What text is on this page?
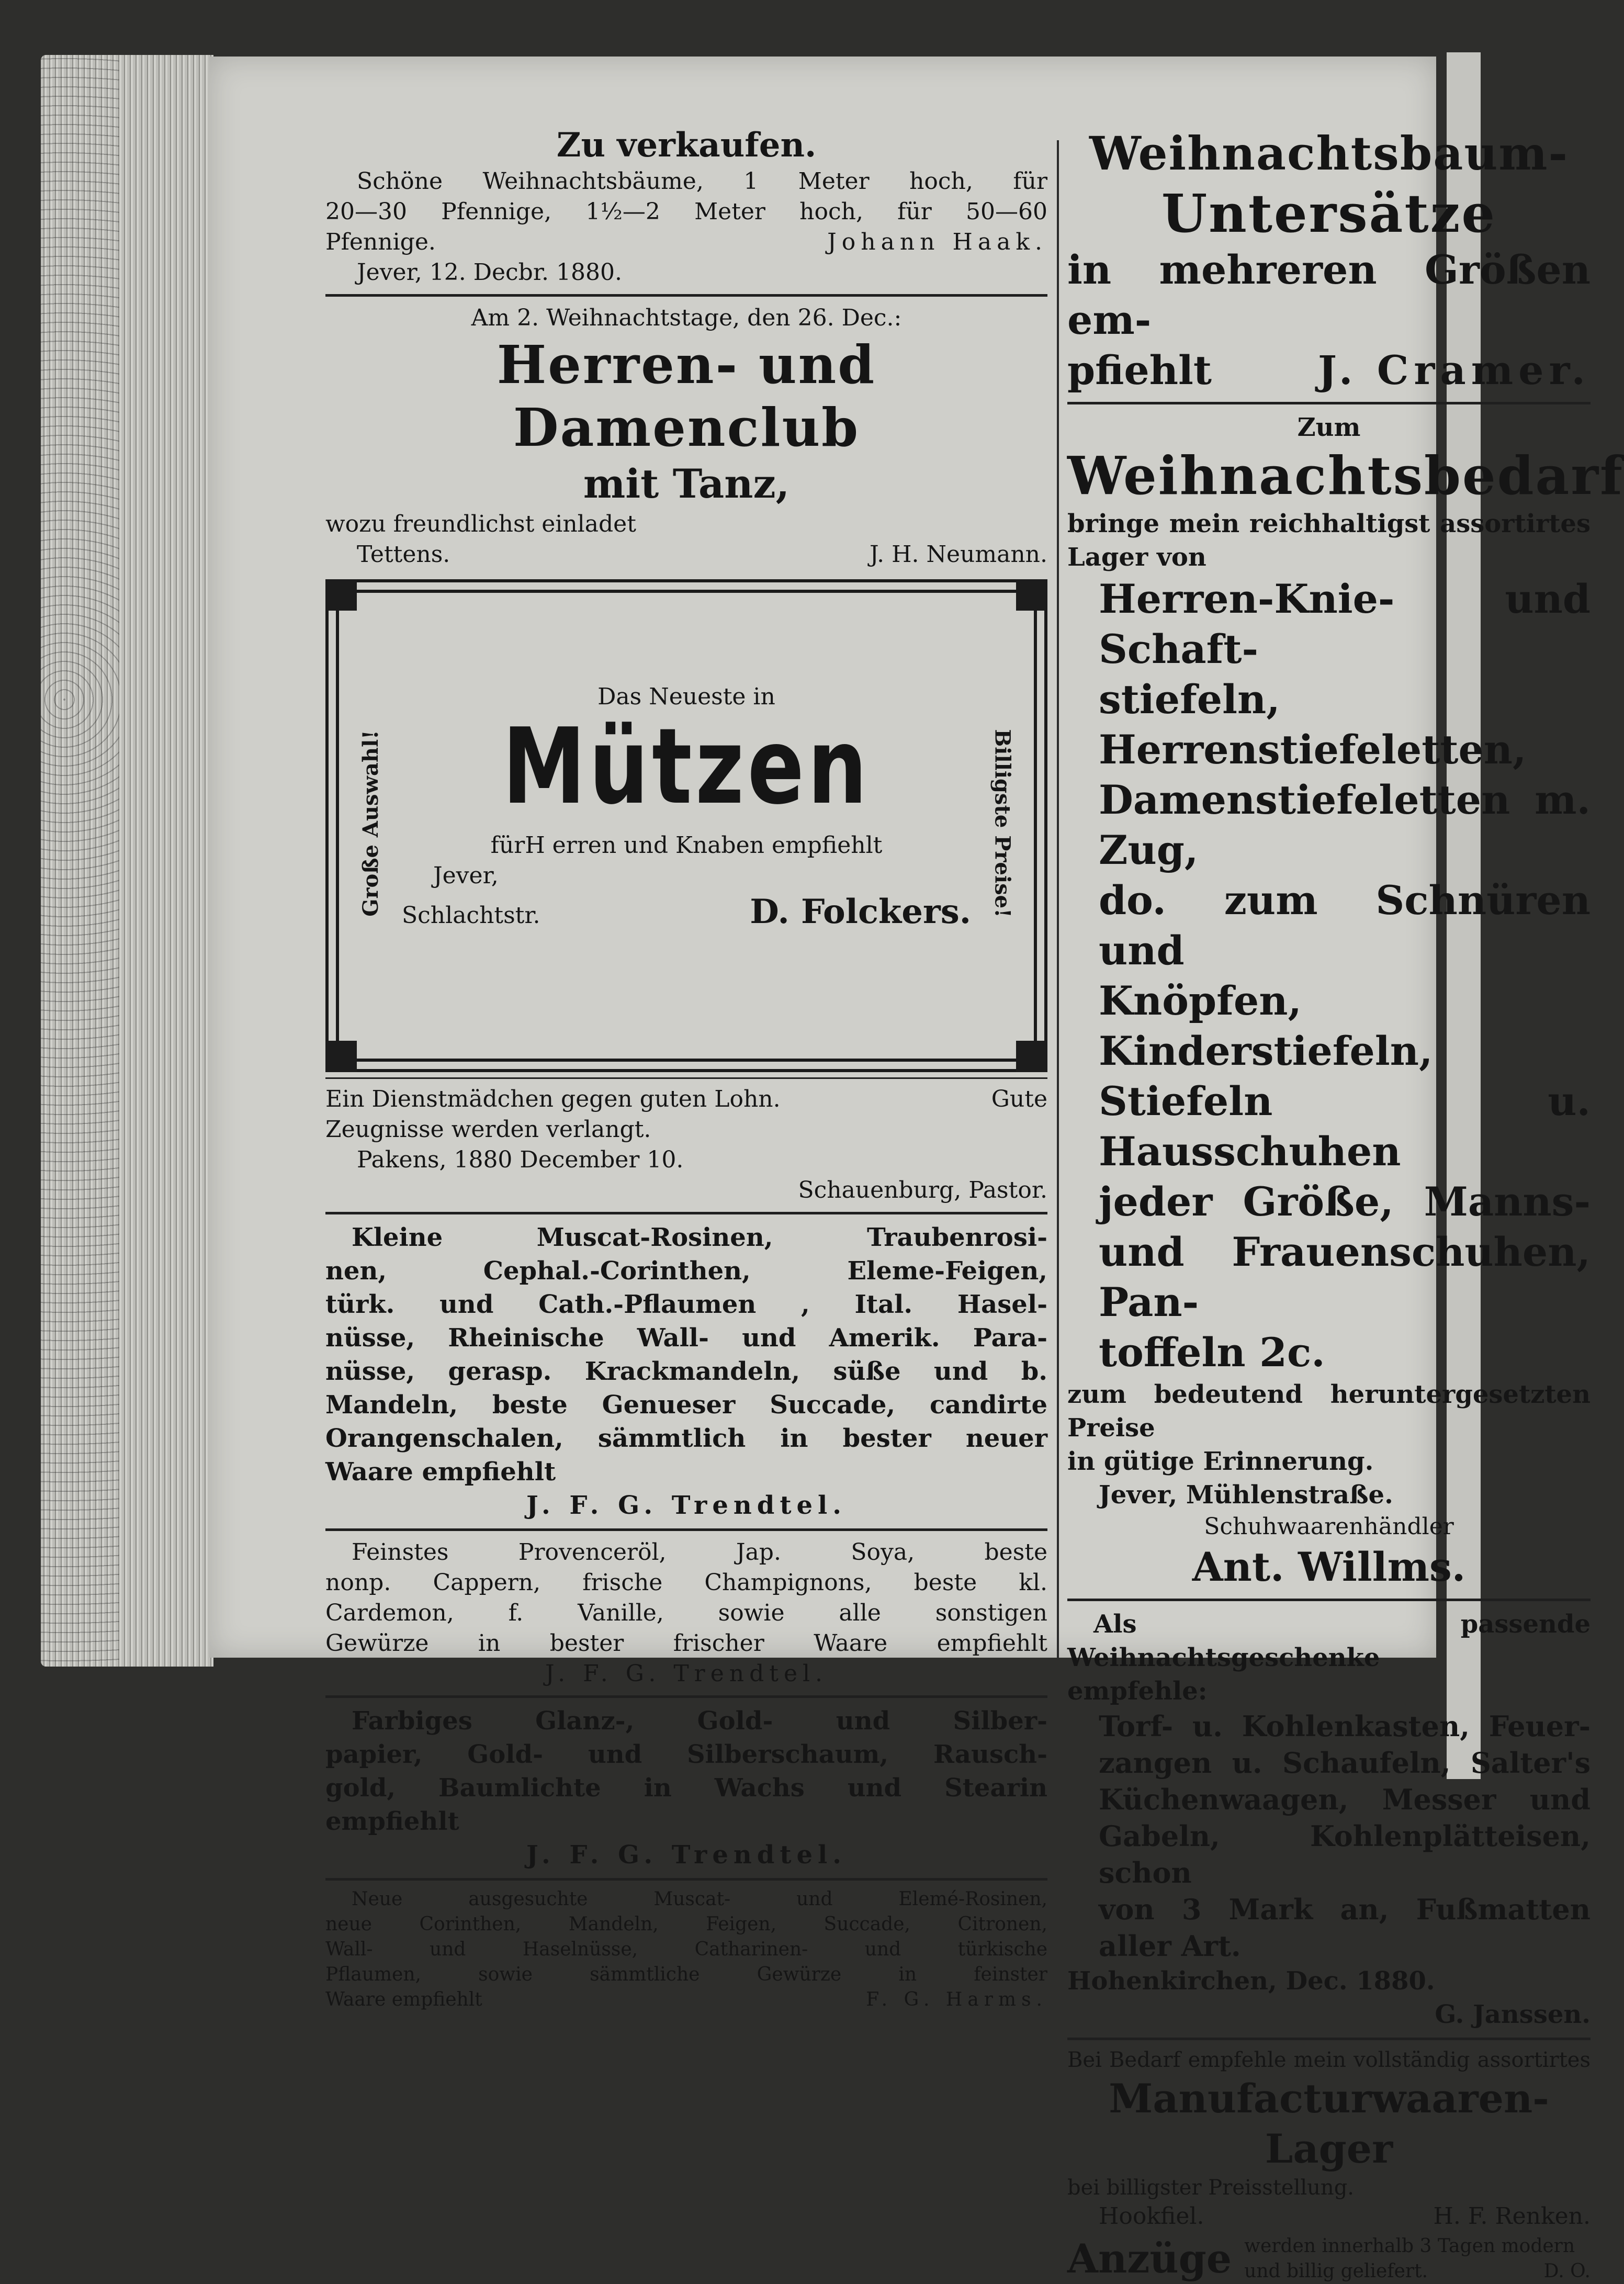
Zu verkaufen.

Schöne Weihnachtsbäume, 1 Meter hoch, für

20—30 Pfennige, 1½—2 Meter hoch, für 50—60

Pfennige.	Johann Haak.

Jever, 12. Decbr. 1880.

Am 2. Weihnachtstage, den 26. Dec.:

Herren- und Damenclub

mit Tanz,

wozu freundlichst einladet

Tettens.	J. H. Neumann.
Große Auswahl!	Billigste Preise!

Das Neueste in

Mützen

fürH erren und Knaben empfiehlt

Jever,

Schlachtstr.	D. Folckers.
Ein Dienstmädchen gegen guten Lohn.	Gute

Zeugnisse werden verlangt.

Pakens, 1880 December 10.

Schauenburg, Pastor.

Kleine Muscat-Rosinen, Traubenrosi-

nen, Cephal.-Corinthen, Eleme-Feigen,

türk. und Cath.-Pflaumen , Ital. Hasel-

nüsse, Rheinische Wall- und Amerik. Para-

nüsse, gerasp. Krackmandeln, süße und b.

Mandeln, beste Genueser Succade, candirte

Orangenschalen, sämmtlich in bester neuer

Waare empfiehlt

J. F. G. Trendtel.

Feinstes Provenceröl, Jap. Soya, beste

nonp. Cappern, frische Champignons, beste kl.

Cardemon, f. Vanille, sowie alle sonstigen

Gewürze in bester frischer Waare empfiehlt

J. F. G. Trendtel.

Farbiges Glanz-, Gold- und Silber-

papier, Gold- und Silberschaum, Rausch-

gold, Baumlichte in Wachs und Stearin

empfiehlt

J. F. G. Trendtel.

Neue ausgesuchte Muscat- und Elemé-Rosinen,

neue Corinthen, Mandeln, Feigen, Succade, Citronen,

Wall- und Haselnüsse, Catharinen- und türkische

Pflaumen, sowie sämmtliche Gewürze in feinster

Waare empfiehlt	F. G. Harms.

Weihnachtsbaum-

Untersätze

in mehreren Größen em-

pfiehlt	J. Cramer.

Zum

Weihnachtsbedarf

bringe mein reichhaltigst assortirtes

Lager von

Herren-Knie- und Schaft-

stiefeln, Herrenstiefeletten,

Damenstiefeletten m. Zug,

do. zum Schnüren und

Knöpfen, Kinderstiefeln,

Stiefeln u. Hausschuhen

jeder Größe, Manns-

und Frauenschuhen, Pan-

toffeln 2c.

zum bedeutend heruntergesetzten Preise

in gütige Erinnerung.

Jever, Mühlenstraße.

Schuhwaarenhändler

Ant. Willms.

Als passende Weihnachtsgeschenke

empfehle:

Torf- u. Kohlenkasten, Feuer-

zangen u. Schaufeln, Salter's

Küchenwaagen, Messer und

Gabeln, Kohlenplätteisen, schon

von 3 Mark an, Fußmatten

aller Art.

Hohenkirchen, Dec. 1880.

G. Janssen.

Bei Bedarf empfehle mein vollständig assortirtes

Manufacturwaaren-Lager

bei billigster Preisstellung.

Hookfiel.	H. F. Renken.
Anzüge werden innerhalb 3 Tagen modern

und billig geliefert.	D. O.
